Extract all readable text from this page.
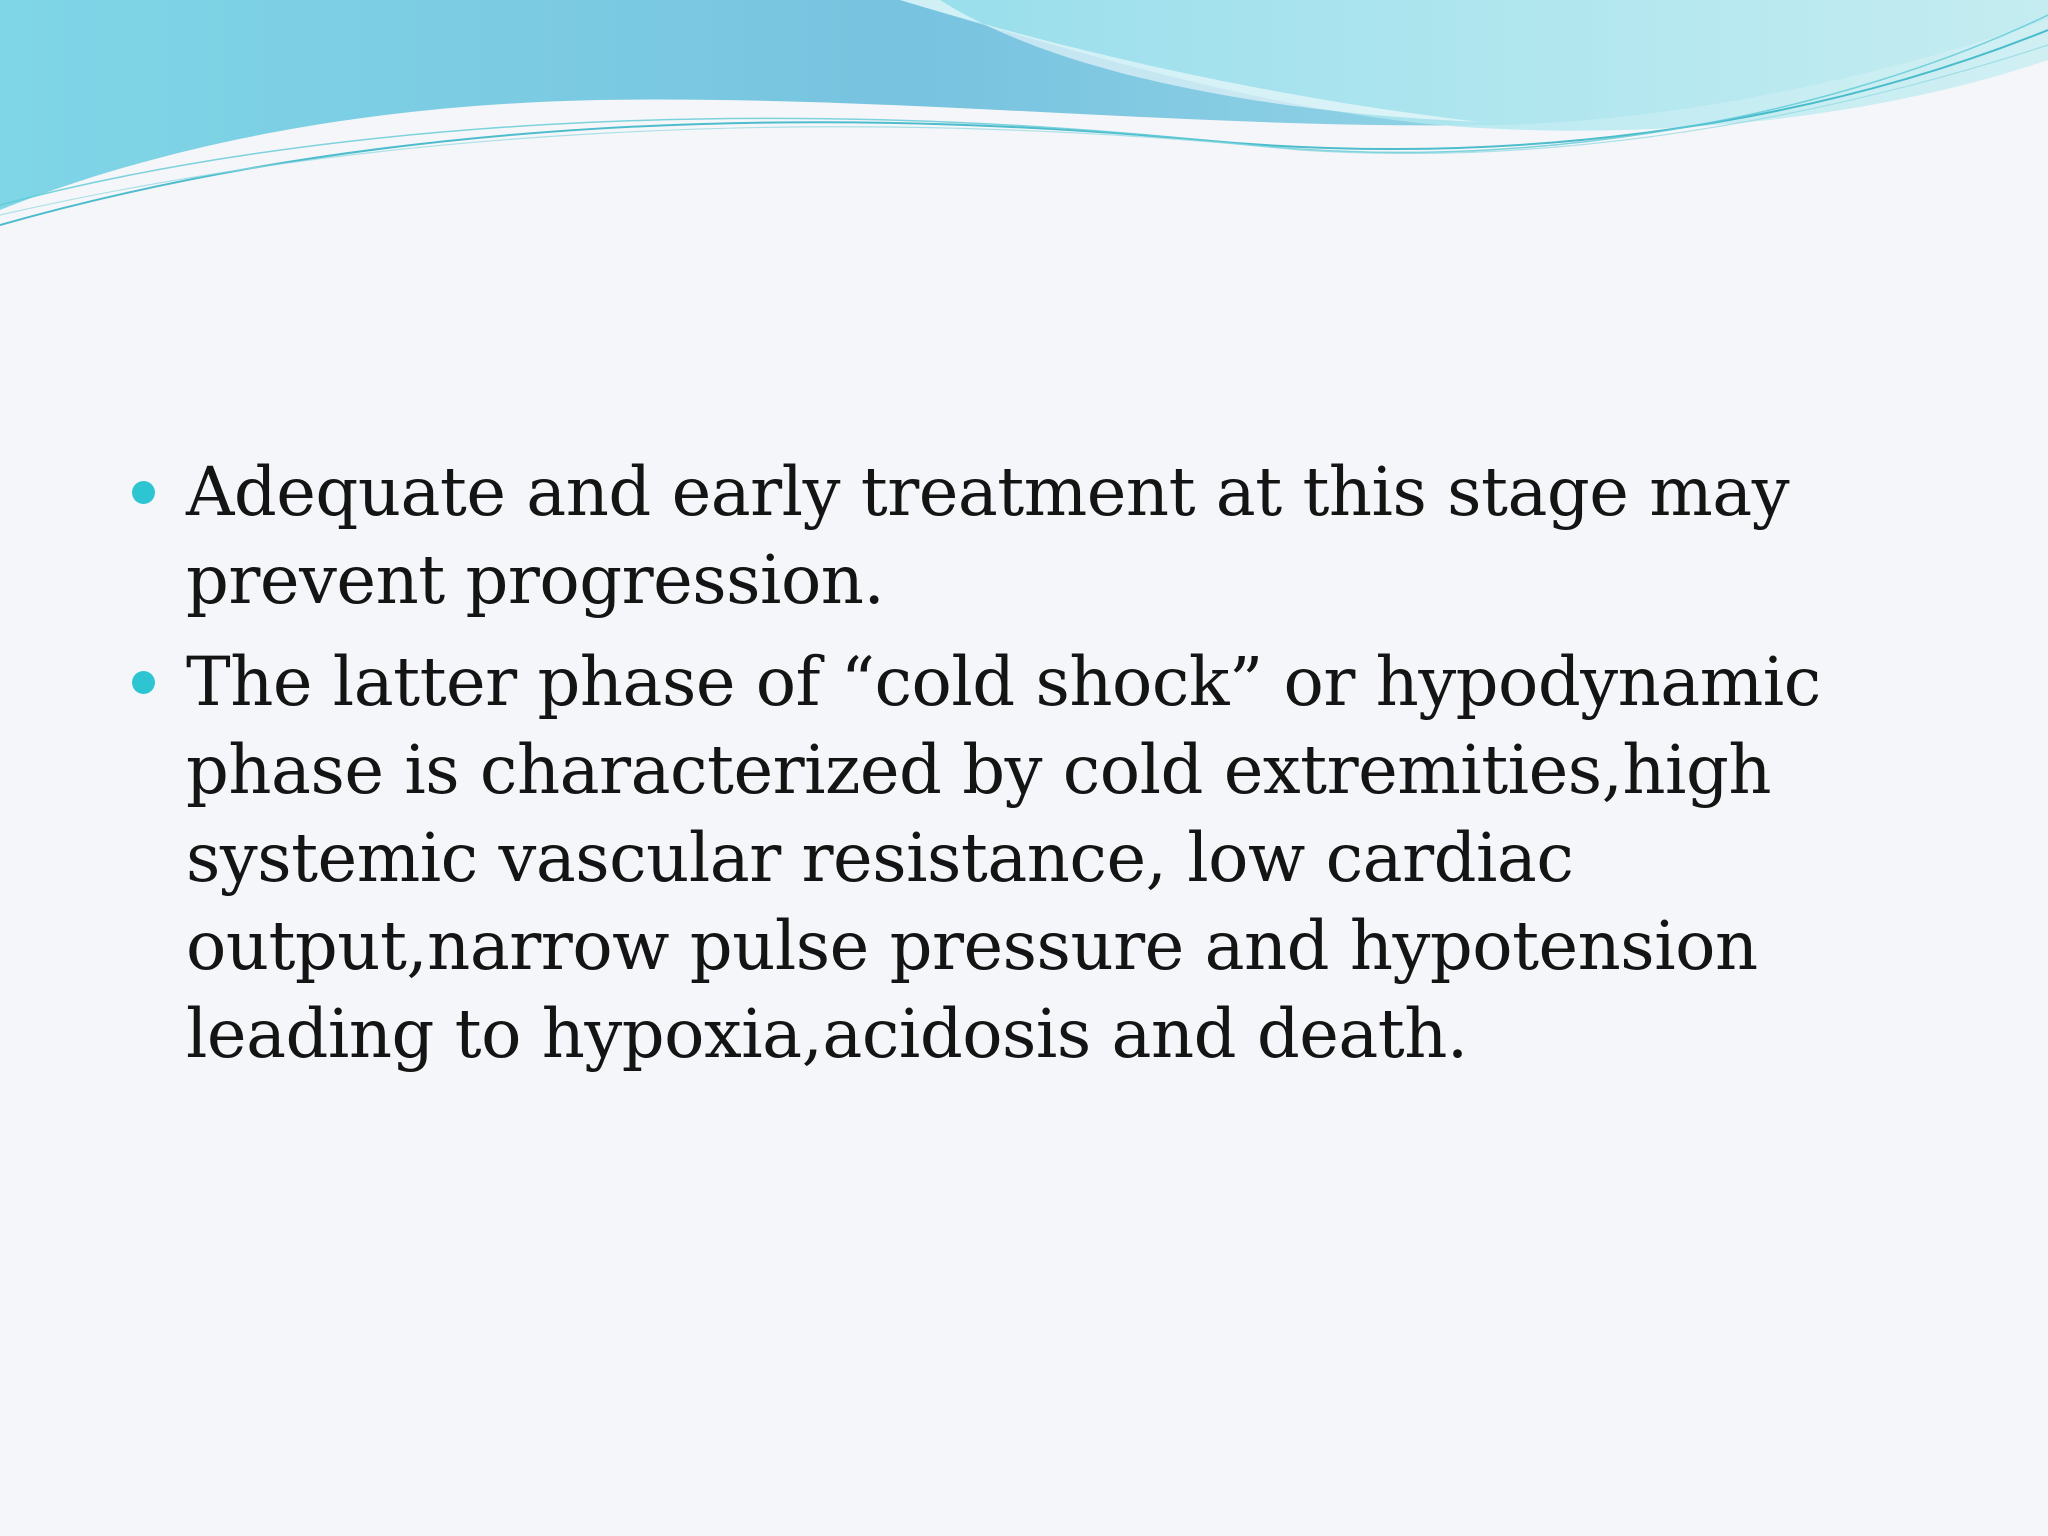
Adequate and early treatment at this stage may prevent progression.
The latter phase of “cold shock” or hypodynamic phase is characterized by cold extremities,high systemic vascular resistance, low cardiac output,narrow pulse pressure and hypotension leading to hypoxia,acidosis and death.
